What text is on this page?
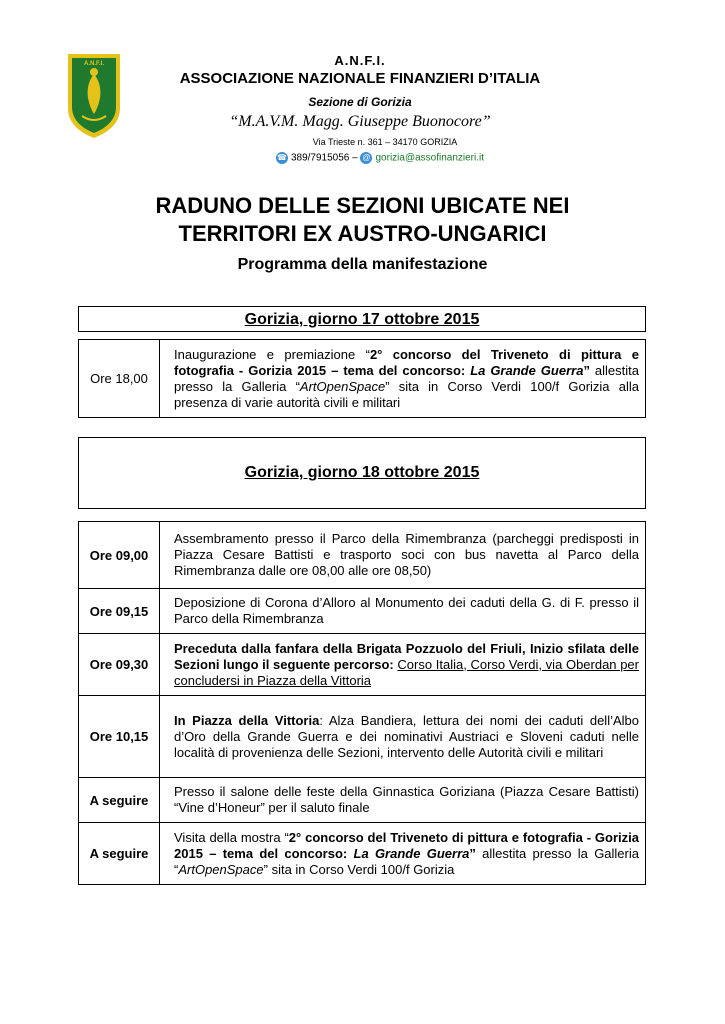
A.N.F.I.	A.N.F.I.
ASSOCIAZIONE NAZIONALE FINANZIERI D’ITALIA
Sezione di Gorizia
“M.A.V.M. Magg. Giuseppe Buonocore”
Via Trieste n. 361 – 34170 GORIZIA
☎ 389/7915056 – @ gorizia@assofinanzieri.it
RADUNO DELLE SEZIONI UBICATE NEI
TERRITORI EX AUSTRO-UNGARICI
Programma della manifestazione
Gorizia, giorno 17 ottobre 2015
Ore 18,00	Inaugurazione e premiazione “2° concorso del Triveneto di pittura e fotografia - Gorizia 2015 – tema del concorso: La Grande Guerra” allestita presso la Galleria “ArtOpenSpace” sita in Corso Verdi 100/f Gorizia alla presenza di varie autorità civili e militari
Gorizia, giorno 18 ottobre 2015
Ore 09,00	Assembramento presso il Parco della Rimembranza (parcheggi predisposti in Piazza Cesare Battisti e trasporto soci con bus navetta al Parco della Rimembranza dalle ore 08,00 alle ore 08,50)
Ore 09,15	Deposizione di Corona d’Alloro al Monumento dei caduti della G. di F. presso il Parco della Rimembranza
Ore 09,30	Preceduta dalla fanfara della Brigata Pozzuolo del Friuli, Inizio sfilata delle Sezioni lungo il seguente percorso: Corso Italia, Corso Verdi, via Oberdan per concludersi in Piazza della Vittoria
Ore 10,15	In Piazza della Vittoria: Alza Bandiera, lettura dei nomi dei caduti dell’Albo d’Oro della Grande Guerra e dei nominativi Austriaci e Sloveni caduti nelle località di provenienza delle Sezioni, intervento delle Autorità civili e militari
A seguire	Presso il salone delle feste della Ginnastica Goriziana (Piazza Cesare Battisti) “Vine d’Honeur” per il saluto finale
A seguire	Visita della mostra “2° concorso del Triveneto di pittura e fotografia - Gorizia 2015 – tema del concorso: La Grande Guerra” allestita presso la Galleria “ArtOpenSpace” sita in Corso Verdi 100/f Gorizia
